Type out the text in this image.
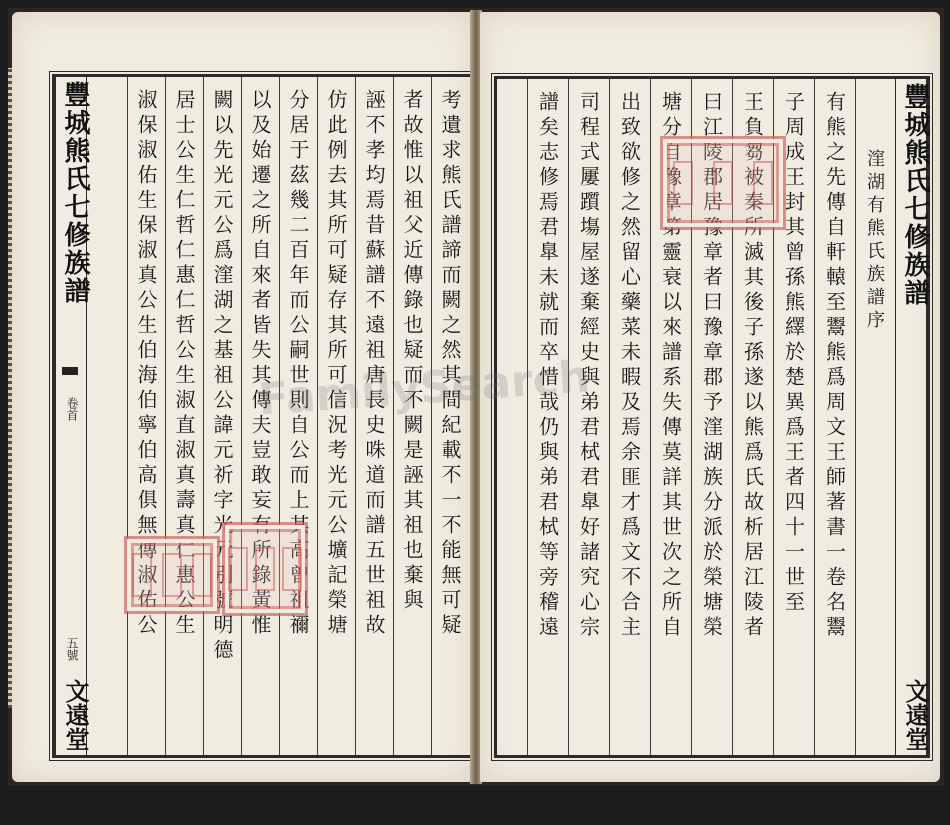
豐城熊氏七修族譜
卷首
五號
文遠堂
考遺求熊氏譜諦而闕之然其間紀載不一不能無可疑
者故惟以祖父近傳錄也疑而不闕是誣其祖也棄與
誣不孝均焉昔蘇譜不遠祖唐長史咮道而譜五世祖故
仿此例去其所可疑存其所可信況考光元公壙記榮塘
分居于茲幾二百年而公嗣世則自公而上其高曾祖禰
以及始遷之所自來者皆失其傳夫豈敢妄有所錄黃惟
闕以先光元公爲漥湖之基祖公諱元祈字光元別號明德
居士公生仁哲仁惠仁哲公生淑直淑真壽真仁惠公生
淑保淑佑生保淑真公生伯海伯寧伯高俱無傳淑佑公	豐城熊氏七修族譜
文遠堂
漥湖有熊氏族譜序
有熊之先傳自軒轅至鬻熊爲周文王師著書一卷名鬻
子周成王封其曾孫熊繹於楚異爲王者四十一世至
王負芻被秦所滅其後子孫遂以熊爲氏故析居江陵者
曰江陵郡居豫章者曰豫章郡予漥湖族分派於榮塘榮
塘分自豫章第靈衰以來譜系失傳莫詳其世次之所自
出致欲修之然留心藥菜未暇及焉余匪才爲文不合主
司程式屢躓塲屋遂棄經史與弟君栻君臯好諸究心宗
譜矣志修焉君臯未就而卒惜哉仍與弟君栻等旁稽遠
FamilySearch
